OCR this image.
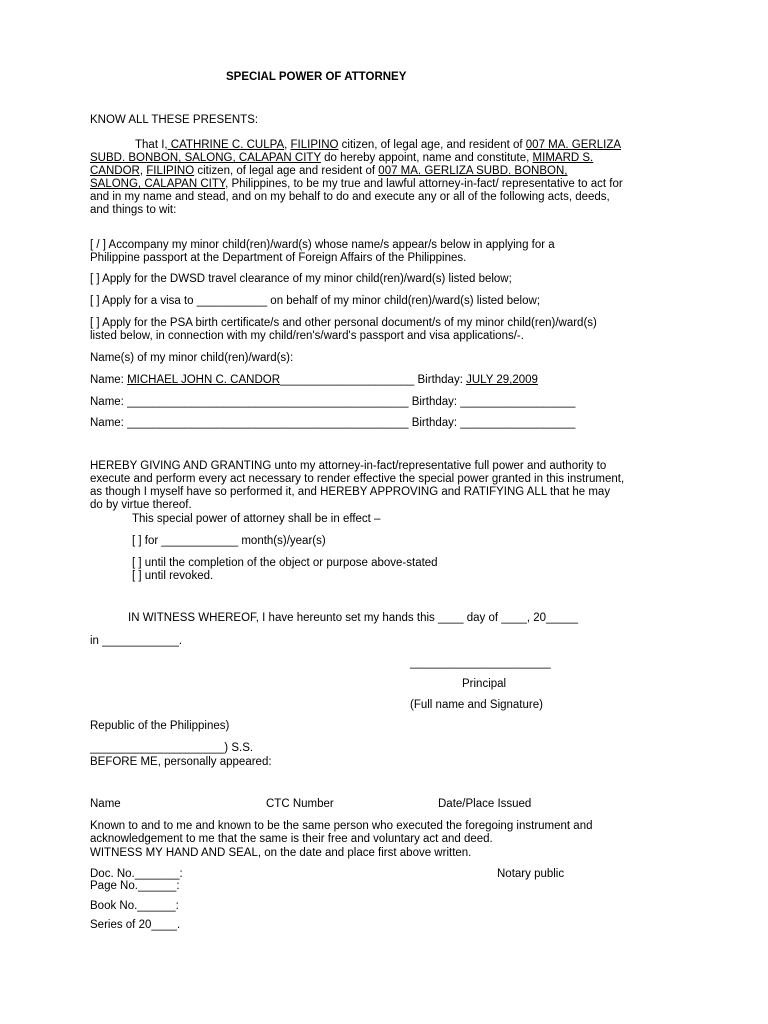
SPECIAL POWER OF ATTORNEY
KNOW ALL THESE PRESENTS:
That I, CATHRINE C. CULPA, FILIPINO citizen, of legal age, and resident of 007 MA. GERLIZA
SUBD. BONBON, SALONG, CALAPAN CITY do hereby appoint, name and constitute, MIMARD S.
CANDOR, FILIPINO citizen, of legal age and resident of 007 MA. GERLIZA SUBD. BONBON,
SALONG, CALAPAN CITY, Philippines, to be my true and lawful attorney-in-fact/ representative to act for
and in my name and stead, and on my behalf to do and execute any or all of the following acts, deeds,
and things to wit:
[ / ] Accompany my minor child(ren)/ward(s) whose name/s appear/s below in applying for a
Philippine passport at the Department of Foreign Affairs of the Philippines.
[ ] Apply for the DWSD travel clearance of my minor child(ren)/ward(s) listed below;
[ ] Apply for a visa to ___________ on behalf of my minor child(ren)/ward(s) listed below;
[ ] Apply for the PSA birth certificate/s and other personal document/s of my minor child(ren)/ward(s)
listed below, in connection with my child/ren's/ward's passport and visa applications/-.
Name(s) of my minor child(ren)/ward(s):
Name: MICHAEL JOHN C. CANDOR_____________________ Birthday: JULY 29,2009
Name: ____________________________________________ Birthday: __________________
Name: ____________________________________________ Birthday: __________________
HEREBY GIVING AND GRANTING unto my attorney-in-fact/representative full power and authority to
execute and perform every act necessary to render effective the special power granted in this instrument,
as though I myself have so performed it, and HEREBY APPROVING and RATIFYING ALL that he may
do by virtue thereof.
This special power of attorney shall be in effect –
[ ] for ____________ month(s)/year(s)
[ ] until the completion of the object or purpose above-stated
[ ] until revoked.
IN WITNESS WHEREOF, I have hereunto set my hands this ____ day of ____, 20_____
in ____________.
______________________
Principal
(Full name and Signature)
Republic of the Philippines)
_____________________) S.S.
BEFORE ME, personally appeared:
Name	CTC Number	Date/Place Issued
Known to and to me and known to be the same person who executed the foregoing instrument and
acknowledgement to me that the same is their free and voluntary act and deed.
WITNESS MY HAND AND SEAL, on the date and place first above written.
Doc. No._______:	Notary public
Page No.______:
Book No.______:
Series of 20____.
